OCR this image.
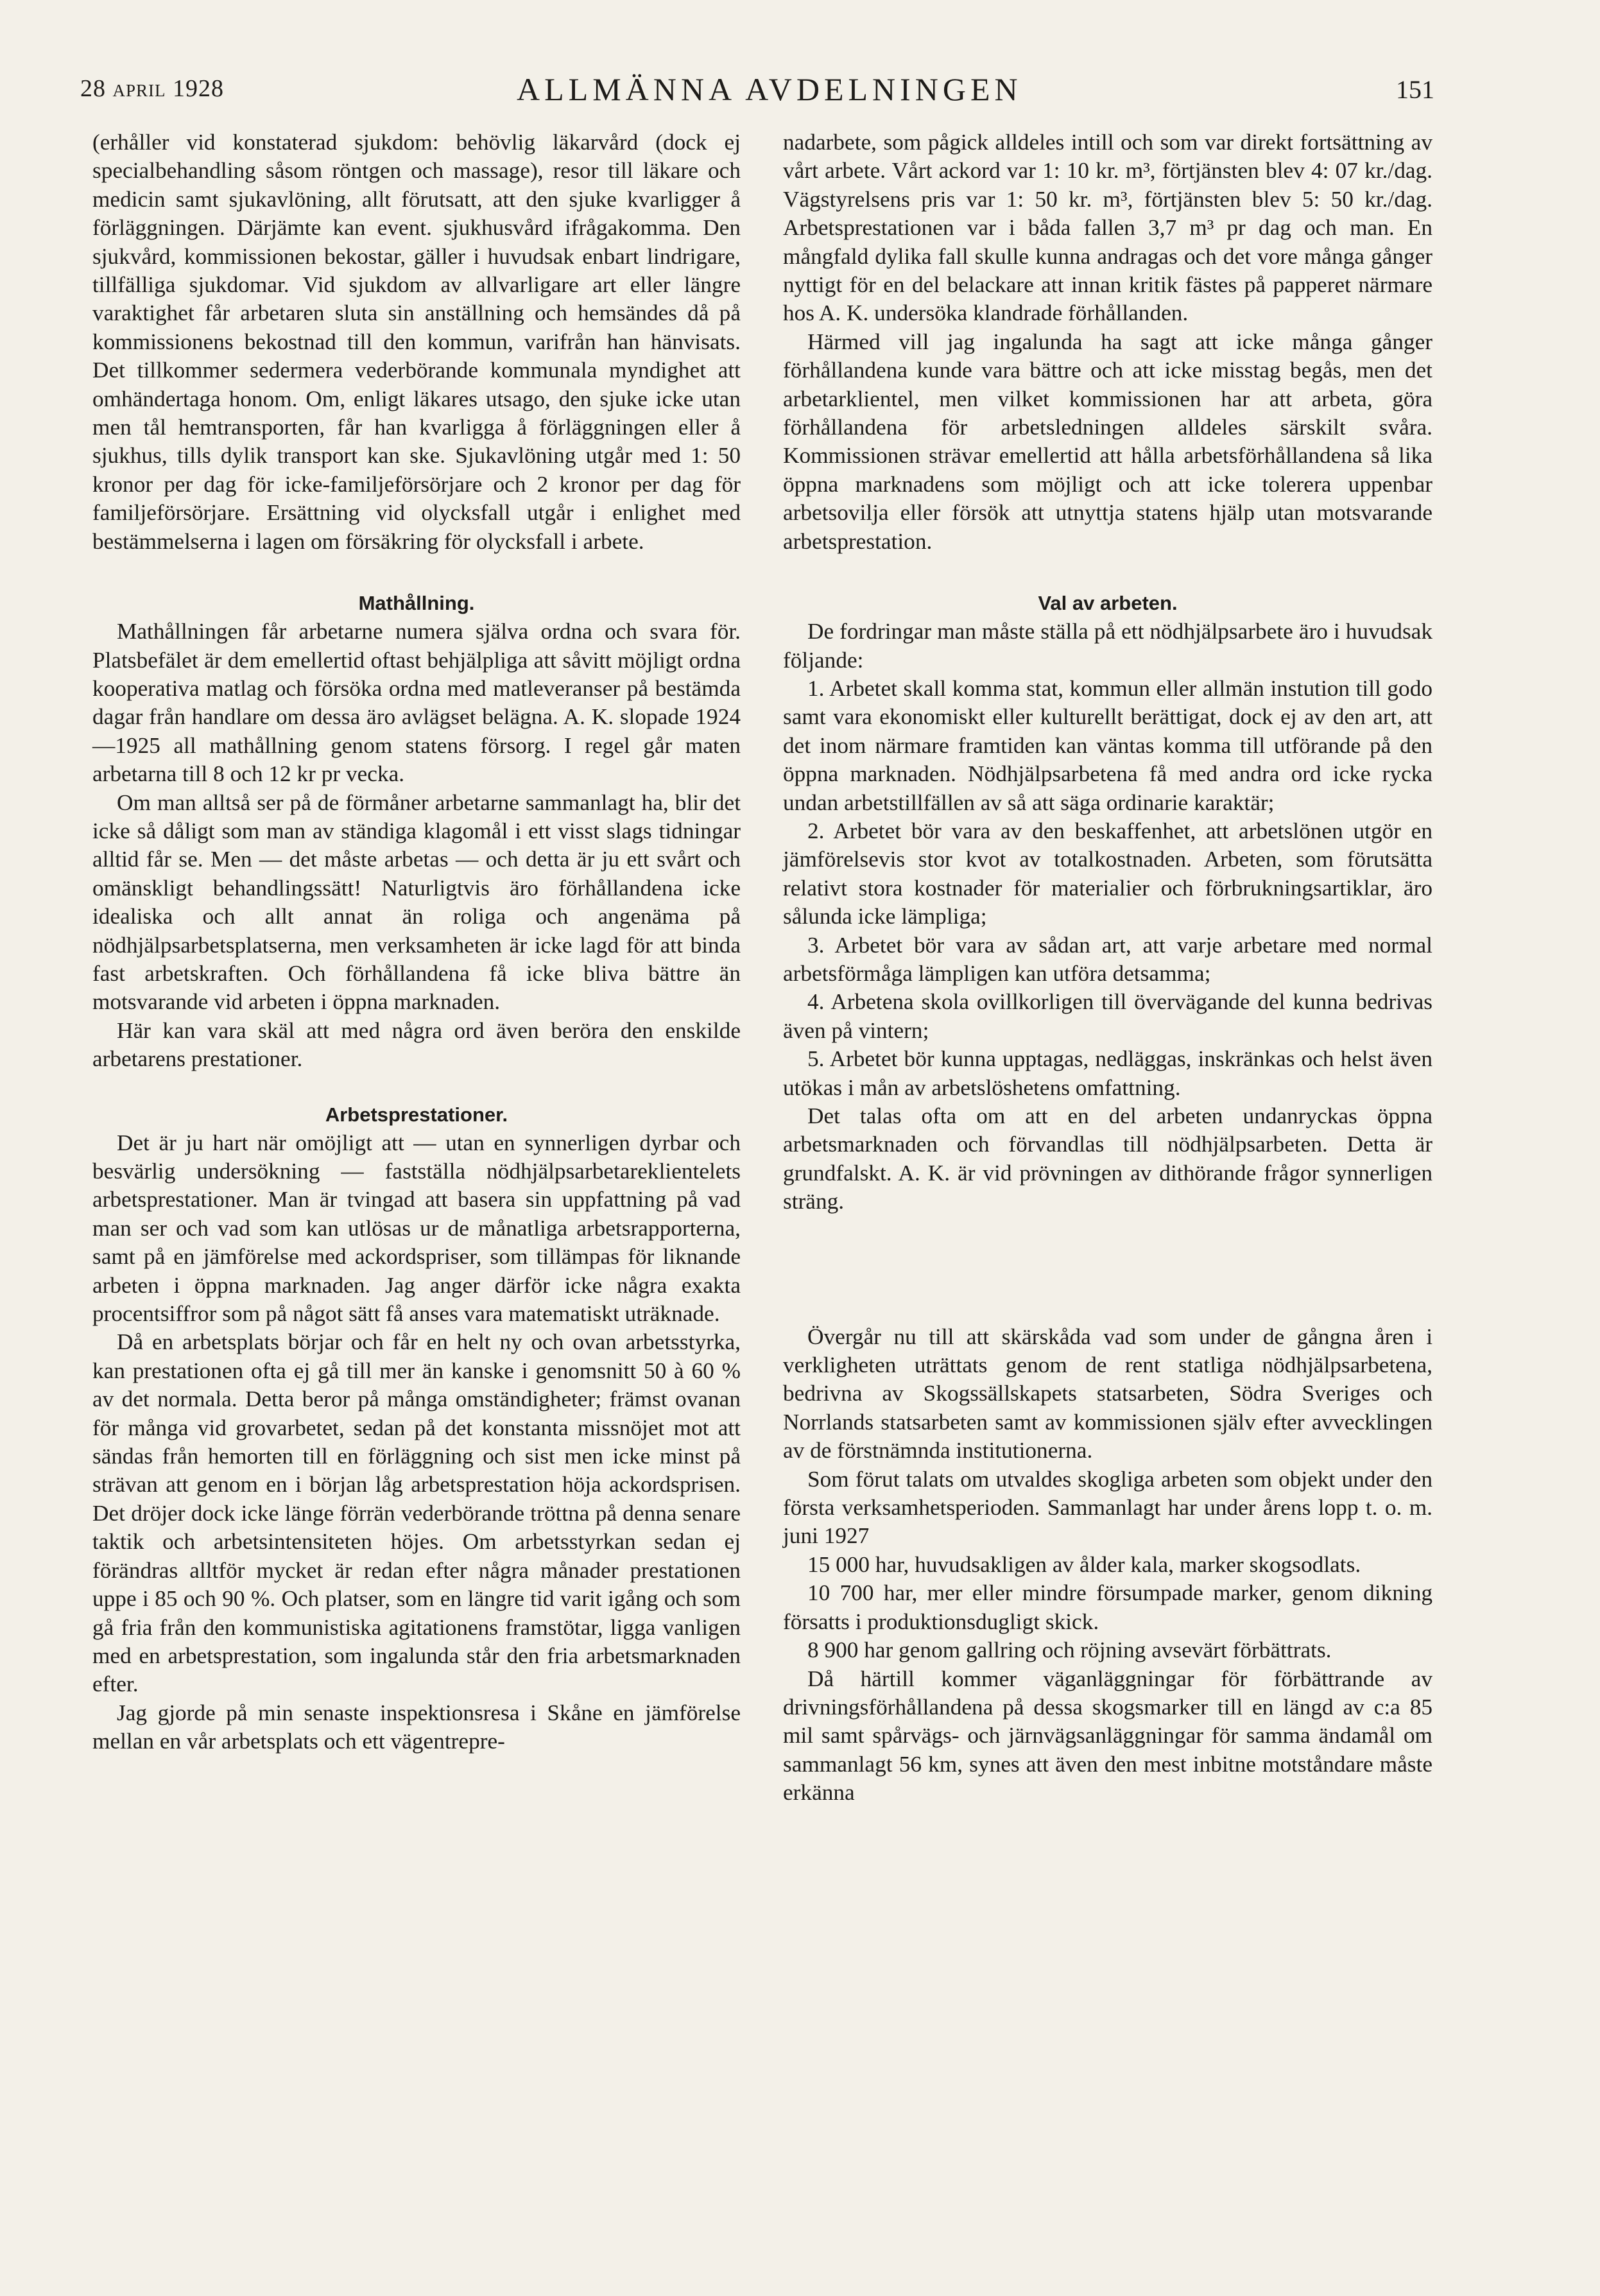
28 april 1928	ALLMÄNNA AVDELNINGEN	151

(erhåller vid konstaterad sjukdom: behövlig läkarvård (dock ej specialbehandling såsom röntgen och massage), resor till läkare och medicin samt sjukavlöning, allt förutsatt, att den sjuke kvarligger å förläggningen. Därjämte kan event. sjukhusvård ifrågakomma. Den sjukvård, kommissionen bekostar, gäller i huvudsak enbart lindrigare, tillfälliga sjukdomar. Vid sjukdom av allvarligare art eller längre varaktighet får arbetaren sluta sin anställning och hemsändes då på kommissionens bekostnad till den kommun, varifrån han hänvisats. Det tillkommer sedermera vederbörande kommunala myndighet att omhändertaga honom. Om, enligt läkares utsago, den sjuke icke utan men tål hemtransporten, får han kvarligga å förläggningen eller å sjukhus, tills dylik transport kan ske. Sjukavlöning utgår med 1: 50 kronor per dag för icke-familjeförsörjare och 2 kronor per dag för familjeförsörjare. Ersättning vid olycksfall utgår i enlighet med bestämmelserna i lagen om försäkring för olycksfall i arbete.

Mathållning.

Mathållningen får arbetarne numera själva ordna och svara för. Platsbefälet är dem emellertid oftast behjälpliga att såvitt möjligt ordna kooperativa matlag och försöka ordna med matleveranser på bestämda dagar från handlare om dessa äro avlägset belägna. A. K. slopade 1924—1925 all mathållning genom statens försorg. I regel går maten arbetarna till 8 och 12 kr pr vecka.

Om man alltså ser på de förmåner arbetarne sammanlagt ha, blir det icke så dåligt som man av ständiga klagomål i ett visst slags tidningar alltid får se. Men — det måste arbetas — och detta är ju ett svårt och omänskligt behandlingssätt! Naturligtvis äro förhållandena icke idealiska och allt annat än roliga och angenäma på nödhjälpsarbetsplatserna, men verksamheten är icke lagd för att binda fast arbetskraften. Och förhållandena få icke bliva bättre än motsvarande vid arbeten i öppna marknaden.

Här kan vara skäl att med några ord även beröra den enskilde arbetarens prestationer.

Arbetsprestationer.

Det är ju hart när omöjligt att — utan en synnerligen dyrbar och besvärlig undersökning — fastställa nödhjälpsarbetareklientelets arbetsprestationer. Man är tvingad att basera sin uppfattning på vad man ser och vad som kan utlösas ur de månatliga arbetsrapporterna, samt på en jämförelse med ackordspriser, som tillämpas för liknande arbeten i öppna marknaden. Jag anger därför icke några exakta procentsiffror som på något sätt få anses vara matematiskt uträknade.

Då en arbetsplats börjar och får en helt ny och ovan arbetsstyrka, kan prestationen ofta ej gå till mer än kanske i genomsnitt 50 à 60 % av det normala. Detta beror på många omständigheter; främst ovanan för många vid grovarbetet, sedan på det konstanta missnöjet mot att sändas från hemorten till en förläggning och sist men icke minst på strävan att genom en i början låg arbetsprestation höja ackordsprisen. Det dröjer dock icke länge förrän vederbörande tröttna på denna senare taktik och arbetsintensiteten höjes. Om arbetsstyrkan sedan ej förändras alltför mycket är redan efter några månader prestationen uppe i 85 och 90 %. Och platser, som en längre tid varit igång och som gå fria från den kommunistiska agitationens framstötar, ligga vanligen med en arbetsprestation, som ingalunda står den fria arbetsmarknaden efter.

Jag gjorde på min senaste inspektionsresa i Skåne en jämförelse mellan en vår arbetsplats och ett vägentrepre-

nadarbete, som pågick alldeles intill och som var direkt fortsättning av vårt arbete. Vårt ackord var 1: 10 kr. m³, förtjänsten blev 4: 07 kr./dag. Vägstyrelsens pris var 1: 50 kr. m³, förtjänsten blev 5: 50 kr./dag. Arbetsprestationen var i båda fallen 3,7 m³ pr dag och man. En mångfald dylika fall skulle kunna andragas och det vore många gånger nyttigt för en del belackare att innan kritik fästes på papperet närmare hos A. K. undersöka klandrade förhållanden.

Härmed vill jag ingalunda ha sagt att icke många gånger förhållandena kunde vara bättre och att icke misstag begås, men det arbetarklientel, men vilket kommissionen har att arbeta, göra förhållandena för arbetsledningen alldeles särskilt svåra. Kommissionen strävar emellertid att hålla arbetsförhållandena så lika öppna marknadens som möjligt och att icke tolerera uppenbar arbetsovilja eller försök att utnyttja statens hjälp utan motsvarande arbetsprestation.

Val av arbeten.

De fordringar man måste ställa på ett nödhjälpsarbete äro i huvudsak följande:

1. Arbetet skall komma stat, kommun eller allmän instution till godo samt vara ekonomiskt eller kulturellt berättigat, dock ej av den art, att det inom närmare framtiden kan väntas komma till utförande på den öppna marknaden. Nödhjälpsarbetena få med andra ord icke rycka undan arbetstillfällen av så att säga ordinarie karaktär;

2. Arbetet bör vara av den beskaffenhet, att arbetslönen utgör en jämförelsevis stor kvot av totalkostnaden. Arbeten, som förutsätta relativt stora kostnader för materialier och förbrukningsartiklar, äro sålunda icke lämpliga;

3. Arbetet bör vara av sådan art, att varje arbetare med normal arbetsförmåga lämpligen kan utföra detsamma;

4. Arbetena skola ovillkorligen till övervägande del kunna bedrivas även på vintern;

5. Arbetet bör kunna upptagas, nedläggas, inskränkas och helst även utökas i mån av arbetslöshetens omfattning.

Det talas ofta om att en del arbeten undanryckas öppna arbetsmarknaden och förvandlas till nödhjälpsarbeten. Detta är grundfalskt. A. K. är vid prövningen av dithörande frågor synnerligen sträng.

Övergår nu till att skärskåda vad som under de gångna åren i verkligheten uträttats genom de rent statliga nödhjälpsarbetena, bedrivna av Skogssällskapets statsarbeten, Södra Sveriges och Norrlands statsarbeten samt av kommissionen själv efter avvecklingen av de förstnämnda institutionerna.

Som förut talats om utvaldes skogliga arbeten som objekt under den första verksamhetsperioden. Sammanlagt har under årens lopp t. o. m. juni 1927

15 000 har, huvudsakligen av ålder kala, marker skogsodlats.

10 700 har, mer eller mindre försumpade marker, genom dikning försatts i produktionsdugligt skick.

8 900 har genom gallring och röjning avsevärt förbättrats.

Då härtill kommer väganläggningar för förbättrande av drivningsförhållandena på dessa skogsmarker till en längd av c:a 85 mil samt spårvägs- och järnvägsanläggningar för samma ändamål om sammanlagt 56 km, synes att även den mest inbitne motståndare måste erkänna
